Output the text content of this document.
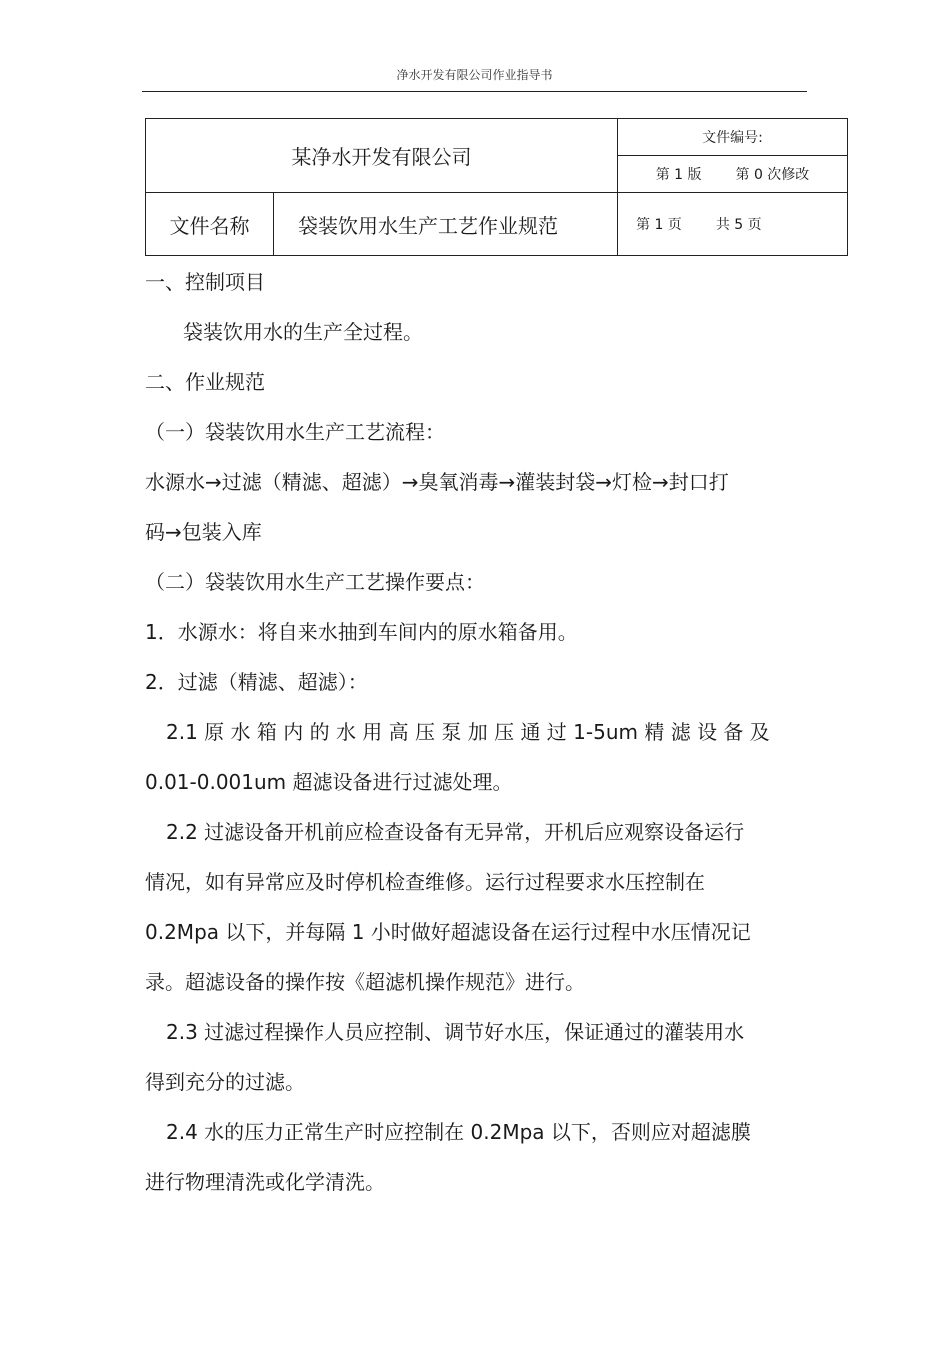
净水开发有限公司作业指导书
某净水开发有限公司		文件编号:
		第 1 版 第 0 次修改
文件名称	袋装饮用水生产工艺作业规范	第 1 页 共 5 页
一、控制项目
袋装饮用水的生产全过程。
二、作业规范
（一）袋装饮用水生产工艺流程：
水源水→过滤（精滤、超滤）→臭氧消毒→灌装封袋→灯检→封口打
码→包装入库
（二）袋装饮用水生产工艺操作要点：
1．水源水：将自来水抽到车间内的原水箱备用。
2．过滤（精滤、超滤）：
2.1 原 水 箱 内 的 水 用 高 压 泵 加 压 通 过 1-5um 精 滤 设 备 及
0.01-0.001um 超滤设备进行过滤处理。
2.2 过滤设备开机前应检查设备有无异常，开机后应观察设备运行
情况，如有异常应及时停机检查维修。运行过程要求水压控制在
0.2Mpa 以下，并每隔 1 小时做好超滤设备在运行过程中水压情况记
录。超滤设备的操作按《超滤机操作规范》进行。
2.3 过滤过程操作人员应控制、调节好水压，保证通过的灌装用水
得到充分的过滤。
2.4 水的压力正常生产时应控制在 0.2Mpa 以下，否则应对超滤膜
进行物理清洗或化学清洗。
